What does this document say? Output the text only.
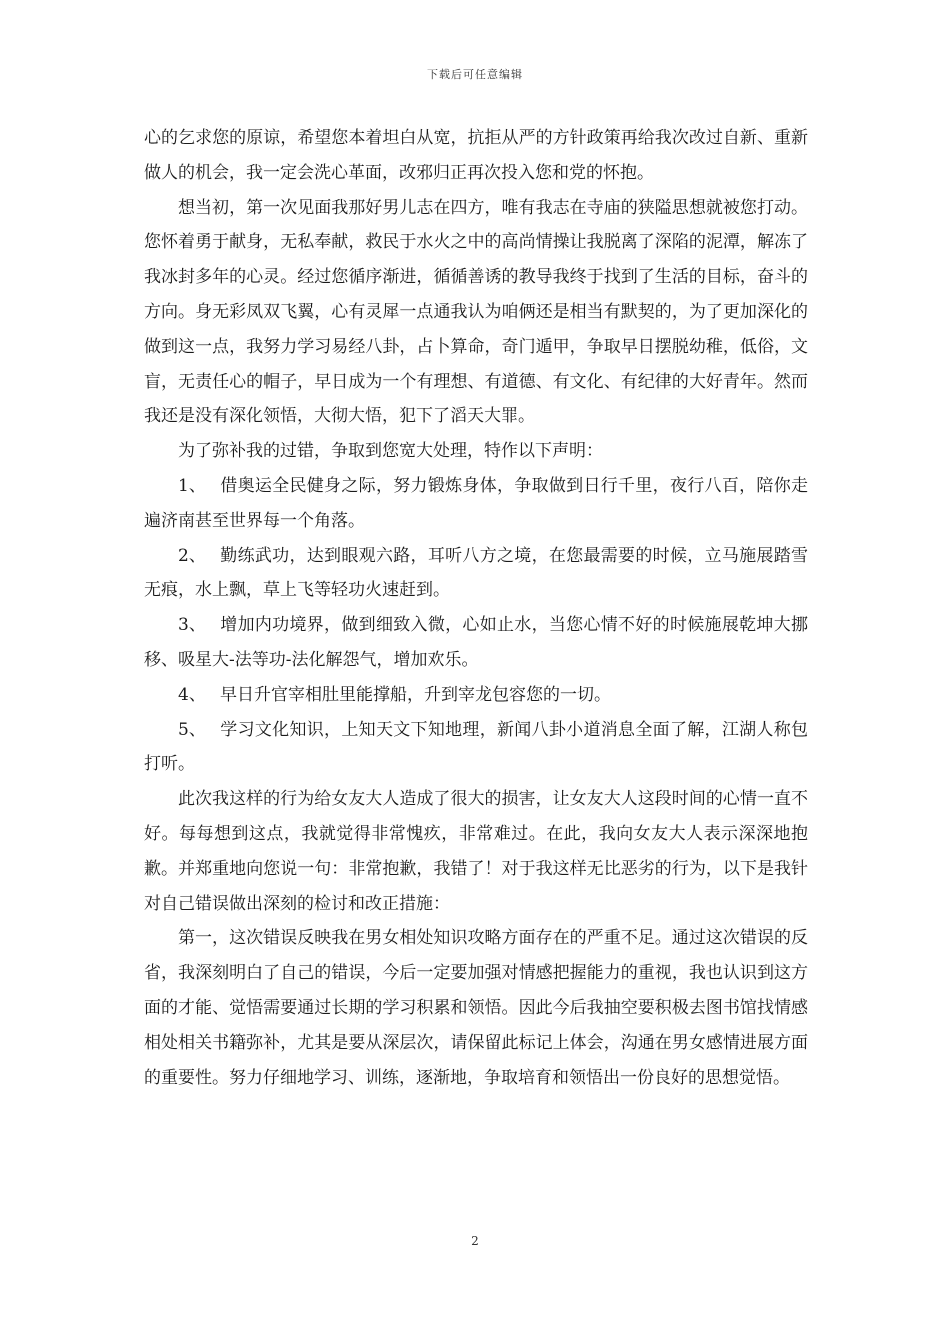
下载后可任意编辑

心的乞求您的原谅，希望您本着坦白从宽，抗拒从严的方针政策再给我次改过自新、重新做人的机会，我一定会洗心革面，改邪归正再次投入您和党的怀抱。

想当初，第一次见面我那好男儿志在四方，唯有我志在寺庙的狭隘思想就被您打动。您怀着勇于献身，无私奉献，救民于水火之中的高尚情操让我脱离了深陷的泥潭，解冻了我冰封多年的心灵。经过您循序渐进，循循善诱的教导我终于找到了生活的目标，奋斗的方向。身无彩凤双飞翼，心有灵犀一点通我认为咱俩还是相当有默契的，为了更加深化的做到这一点，我努力学习易经八卦，占卜算命，奇门遁甲，争取早日摆脱幼稚，低俗，文盲，无责任心的帽子，早日成为一个有理想、有道德、有文化、有纪律的大好青年。然而我还是没有深化领悟，大彻大悟，犯下了滔天大罪。

为了弥补我的过错，争取到您宽大处理，特作以下声明：

1、 借奥运全民健身之际，努力锻炼身体，争取做到日行千里，夜行八百，陪你走遍济南甚至世界每一个角落。

2、 勤练武功，达到眼观六路，耳听八方之境，在您最需要的时候，立马施展踏雪无痕，水上飘，草上飞等轻功火速赶到。

3、 增加内功境界，做到细致入微，心如止水，当您心情不好的时候施展乾坤大挪移、吸星大-法等功-法化解怨气，增加欢乐。

4、 早日升官宰相肚里能撑船，升到宰龙包容您的一切。

5、 学习文化知识，上知天文下知地理，新闻八卦小道消息全面了解，江湖人称包打听。

此次我这样的行为给女友大人造成了很大的损害，让女友大人这段时间的心情一直不好。每每想到这点，我就觉得非常愧疚，非常难过。在此，我向女友大人表示深深地抱歉。并郑重地向您说一句：非常抱歉，我错了！对于我这样无比恶劣的行为，以下是我针对自己错误做出深刻的检讨和改正措施：

第一，这次错误反映我在男女相处知识攻略方面存在的严重不足。通过这次错误的反省，我深刻明白了自己的错误，今后一定要加强对情感把握能力的重视，我也认识到这方面的才能、觉悟需要通过长期的学习积累和领悟。因此今后我抽空要积极去图书馆找情感相处相关书籍弥补，尤其是要从深层次，请保留此标记上体会，沟通在男女感情进展方面的重要性。努力仔细地学习、训练，逐渐地，争取培育和领悟出一份良好的思想觉悟。

2
